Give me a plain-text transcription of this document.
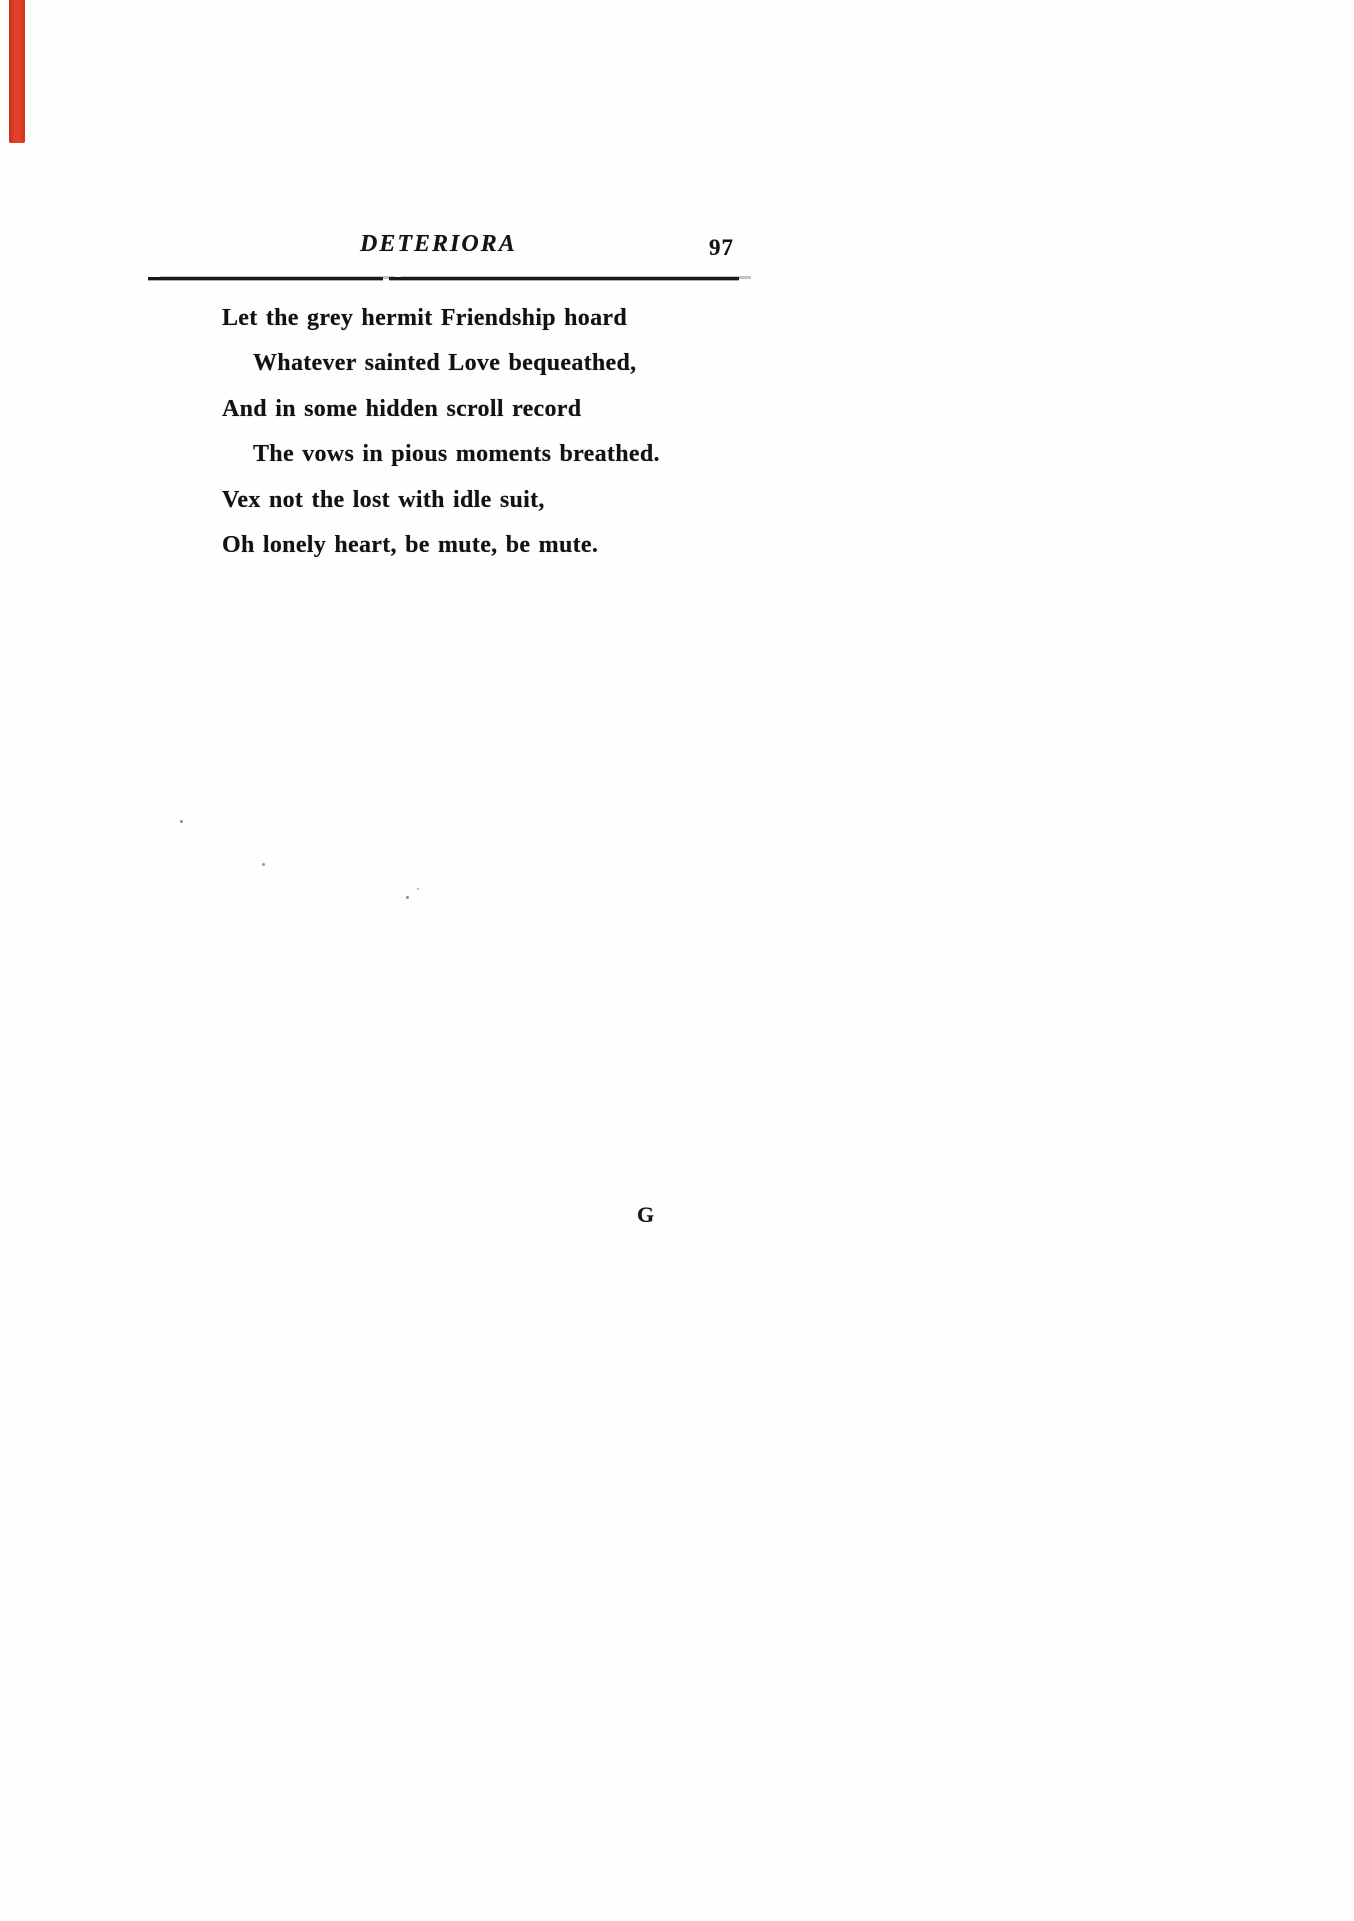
DETERIORA	97
Let the grey hermit Friendship hoard
Whatever sainted Love bequeathed,
And in some hidden scroll record
The vows in pious moments breathed.
Vex not the lost with idle suit,
Oh lonely heart, be mute, be mute.
G
